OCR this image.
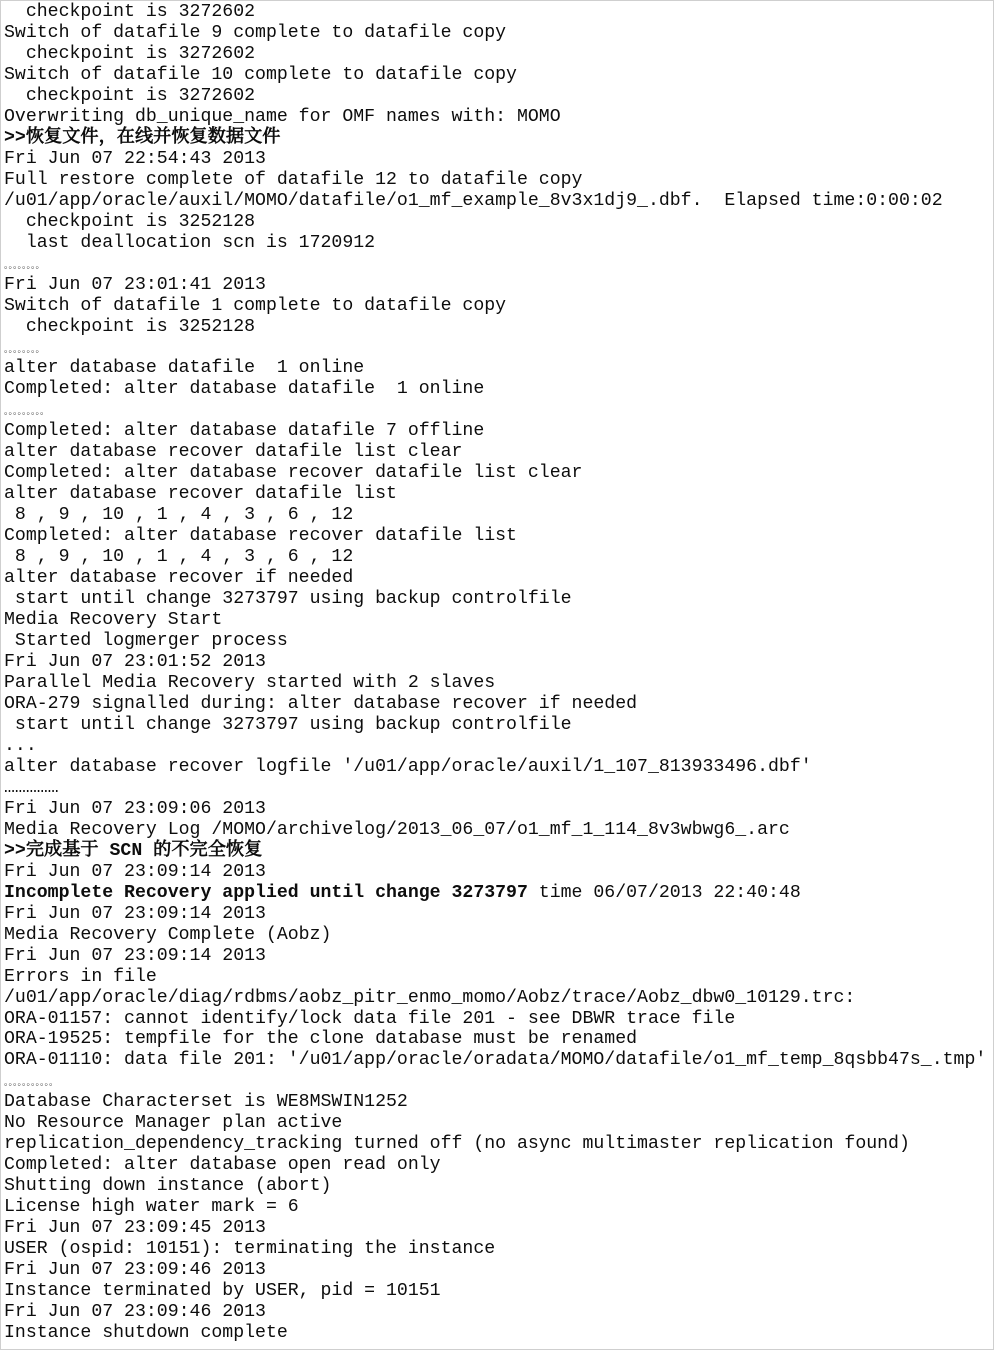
checkpoint is 3272602
Switch of datafile 9 complete to datafile copy
checkpoint is 3272602
Switch of datafile 10 complete to datafile copy
checkpoint is 3272602
Overwriting db_unique_name for OMF names with: MOMO
>>恢复文件，在线并恢复数据文件
Fri Jun 07 22:54:43 2013
Full restore complete of datafile 12 to datafile copy
/u01/app/oracle/auxil/MOMO/datafile/o1_mf_example_8v3x1dj9_.dbf.  Elapsed time:0:00:02
checkpoint is 3252128
last deallocation scn is 1720912
。。。。。。。。
Fri Jun 07 23:01:41 2013
Switch of datafile 1 complete to datafile copy
checkpoint is 3252128
。。。。。。。。
alter database datafile  1 online
Completed: alter database datafile  1 online
。。。。。。。。。
Completed: alter database datafile 7 offline
alter database recover datafile list clear
Completed: alter database recover datafile list clear
alter database recover datafile list
8 , 9 , 10 , 1 , 4 , 3 , 6 , 12
Completed: alter database recover datafile list
8 , 9 , 10 , 1 , 4 , 3 , 6 , 12
alter database recover if needed
start until change 3273797 using backup controlfile
Media Recovery Start
Started logmerger process
Fri Jun 07 23:01:52 2013
Parallel Media Recovery started with 2 slaves
ORA-279 signalled during: alter database recover if needed
start until change 3273797 using backup controlfile
...
alter database recover logfile '/u01/app/oracle/auxil/1_107_813933496.dbf'
……………
Fri Jun 07 23:09:06 2013
Media Recovery Log /MOMO/archivelog/2013_06_07/o1_mf_1_114_8v3wbwg6_.arc
>>完成基于 SCN 的不完全恢复
Fri Jun 07 23:09:14 2013
Incomplete Recovery applied until change 3273797 time 06/07/2013 22:40:48
Fri Jun 07 23:09:14 2013
Media Recovery Complete (Aobz)
Fri Jun 07 23:09:14 2013
Errors in file
/u01/app/oracle/diag/rdbms/aobz_pitr_enmo_momo/Aobz/trace/Aobz_dbw0_10129.trc:
ORA-01157: cannot identify/lock data file 201 - see DBWR trace file
ORA-19525: tempfile for the clone database must be renamed
ORA-01110: data file 201: '/u01/app/oracle/oradata/MOMO/datafile/o1_mf_temp_8qsbb47s_.tmp'
。。。。。。。。。。。
Database Characterset is WE8MSWIN1252
No Resource Manager plan active
replication_dependency_tracking turned off (no async multimaster replication found)
Completed: alter database open read only
Shutting down instance (abort)
License high water mark = 6
Fri Jun 07 23:09:45 2013
USER (ospid: 10151): terminating the instance
Fri Jun 07 23:09:46 2013
Instance terminated by USER, pid = 10151
Fri Jun 07 23:09:46 2013
Instance shutdown complete
